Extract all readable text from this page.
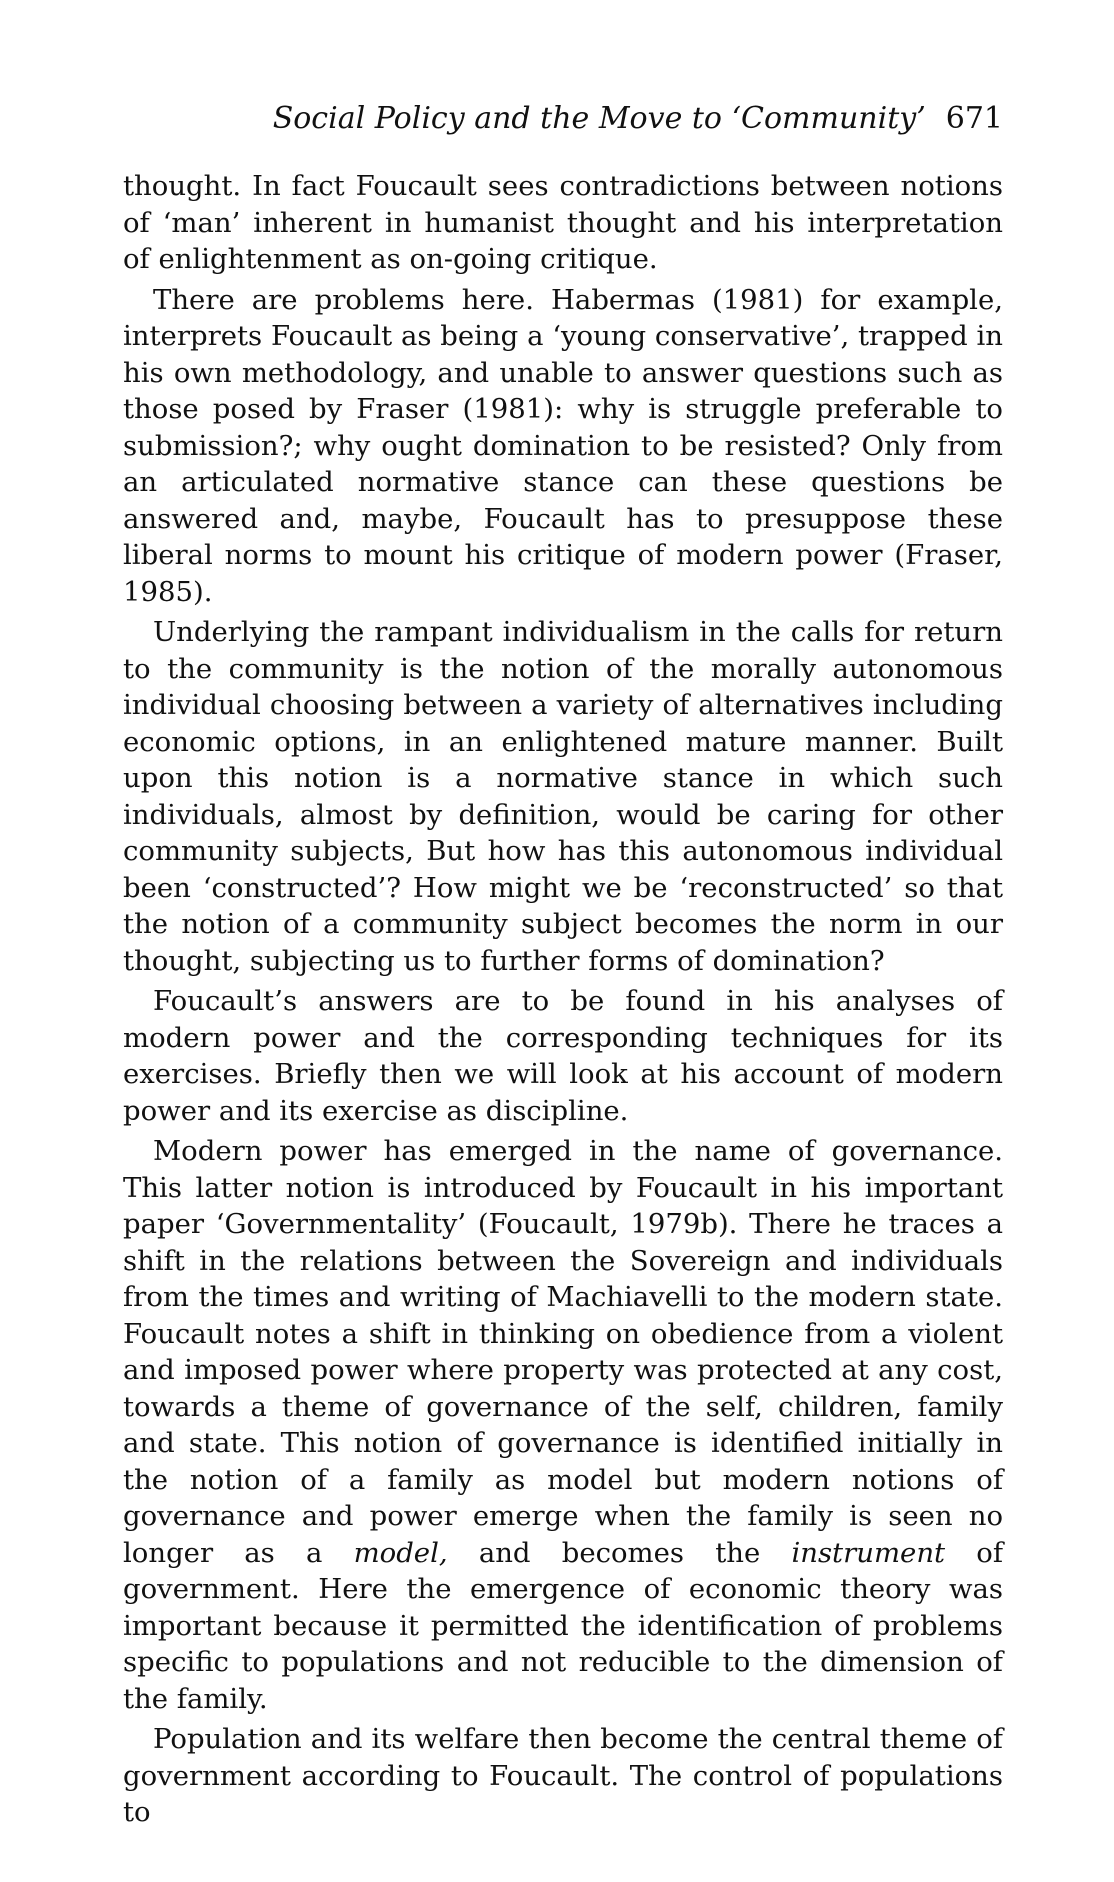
Social Policy and the Move to ‘Community’ 671

thought. In fact Foucault sees contradictions between notions of ‘man’ inherent in humanist thought and his interpretation of enlightenment as on-going critique.

There are problems here. Habermas (1981) for example, interprets Foucault as being a ‘young conservative’, trapped in his own methodology, and unable to answer questions such as those posed by Fraser (1981): why is struggle preferable to submission?; why ought domination to be resisted? Only from an articulated normative stance can these questions be answered and, maybe, Foucault has to presuppose these liberal norms to mount his critique of modern power (Fraser, 1985).

Underlying the rampant individualism in the calls for return to the community is the notion of the morally autonomous individual choosing between a variety of alternatives including economic options, in an enlightened mature manner. Built upon this notion is a normative stance in which such individuals, almost by definition, would be caring for other community subjects, But how has this autonomous individual been ‘constructed’? How might we be ‘reconstructed’ so that the notion of a community subject becomes the norm in our thought, subjecting us to further forms of domination?

Foucault’s answers are to be found in his analyses of modern power and the corresponding techniques for its exercises. Briefly then we will look at his account of modern power and its exercise as discipline.

Modern power has emerged in the name of governance. This latter notion is introduced by Foucault in his important paper ‘Governmentality’ (Foucault, 1979b). There he traces a shift in the relations between the Sovereign and individuals from the times and writing of Machiavelli to the modern state. Foucault notes a shift in thinking on obedience from a violent and imposed power where property was protected at any cost, towards a theme of governance of the self, children, family and state. This notion of governance is identified initially in the notion of a family as model but modern notions of governance and power emerge when the family is seen no longer as a model, and becomes the instrument of government. Here the emergence of economic theory was important because it permitted the identification of problems specific to populations and not reducible to the dimension of the family.

Population and its welfare then become the central theme of government according to Foucault. The control of populations to
